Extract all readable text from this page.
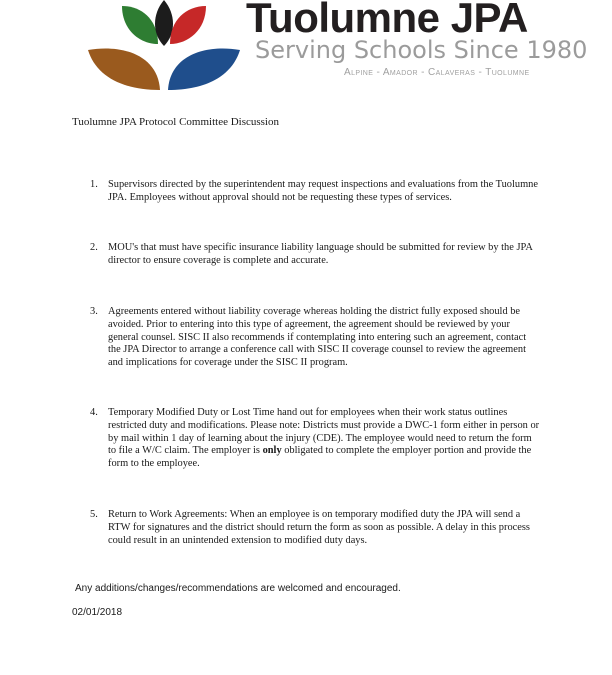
Tuolumne JPA
Serving Schools Since 1980
Alpine - Amador - Calaveras - Tuolumne
Tuolumne JPA Protocol Committee Discussion
1. Supervisors directed by the superintendent may request inspections and evaluations from the Tuolumne JPA. Employees without approval should not be requesting these types of services.
2. MOU's that must have specific insurance liability language should be submitted for review by the JPA director to ensure coverage is complete and accurate.
3. Agreements entered without liability coverage whereas holding the district fully exposed should be avoided. Prior to entering into this type of agreement, the agreement should be reviewed by your general counsel. SISC II also recommends if contemplating into entering such an agreement, contact the JPA Director to arrange a conference call with SISC II coverage counsel to review the agreement and implications for coverage under the SISC II program.
4. Temporary Modified Duty or Lost Time hand out for employees when their work status outlines restricted duty and modifications. Please note: Districts must provide a DWC-1 form either in person or by mail within 1 day of learning about the injury (CDE). The employee would need to return the form to file a W/C claim. The employer is only obligated to complete the employer portion and provide the form to the employee.
5. Return to Work Agreements: When an employee is on temporary modified duty the JPA will send a RTW for signatures and the district should return the form as soon as possible. A delay in this process could result in an unintended extension to modified duty days.
Any additions/changes/recommendations are welcomed and encouraged.
02/01/2018
